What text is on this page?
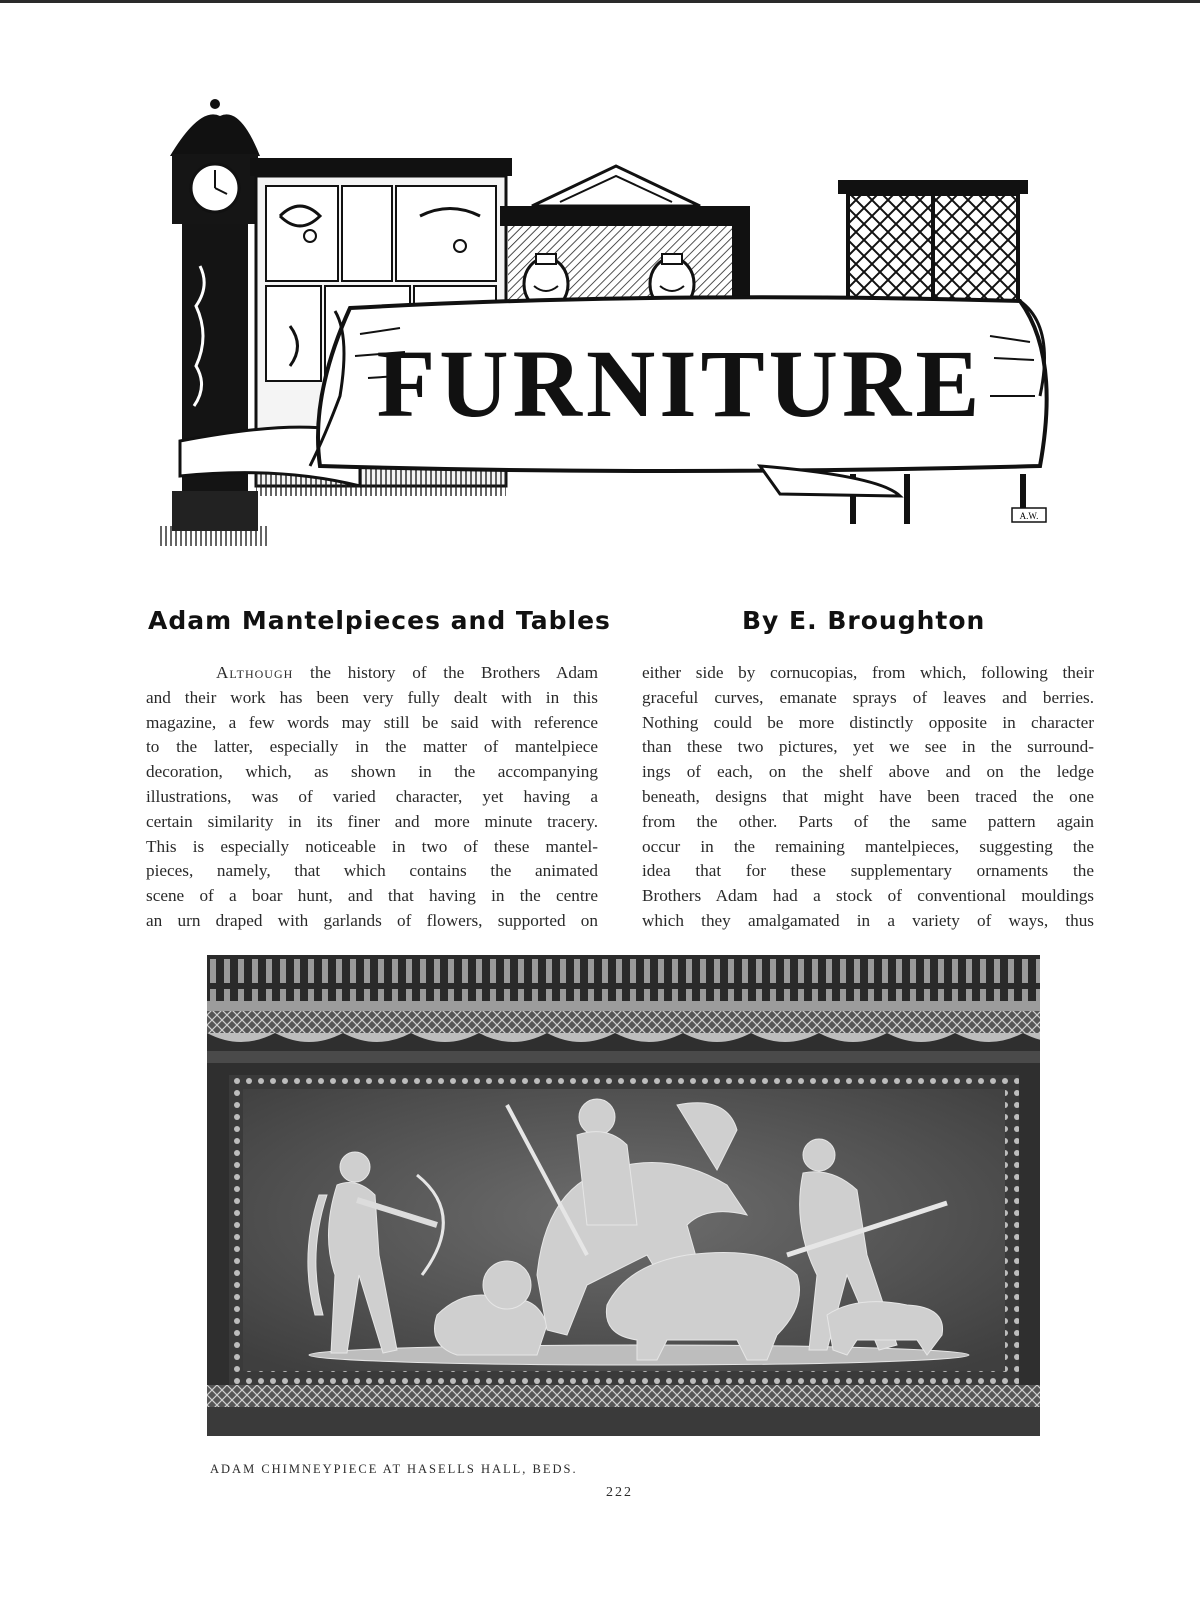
FURNITURE
A.W.
Adam Mantelpieces and Tables	By E. Broughton
Although the history of the Brothers Adam
and their work has been very fully dealt with in this
magazine, a few words may still be said with reference
to the latter, especially in the matter of mantelpiece
decoration, which, as shown in the accompanying
illustrations, was of varied character, yet having a
certain similarity in its finer and more minute tracery.
This is especially noticeable in two of these mantel-
pieces, namely, that which contains the animated
scene of a boar hunt, and that having in the centre
an urn draped with garlands of flowers, supported on
either side by cornucopias, from which, following their
graceful curves, emanate sprays of leaves and berries.
Nothing could be more distinctly opposite in character
than these two pictures, yet we see in the surround-
ings of each, on the shelf above and on the ledge
beneath, designs that might have been traced the one
from the other. Parts of the same pattern again
occur in the remaining mantelpieces, suggesting the
idea that for these supplementary ornaments the
Brothers Adam had a stock of conventional mouldings
which they amalgamated in a variety of ways, thus
ADAM CHIMNEYPIECE AT HASELLS HALL, BEDS.
222
